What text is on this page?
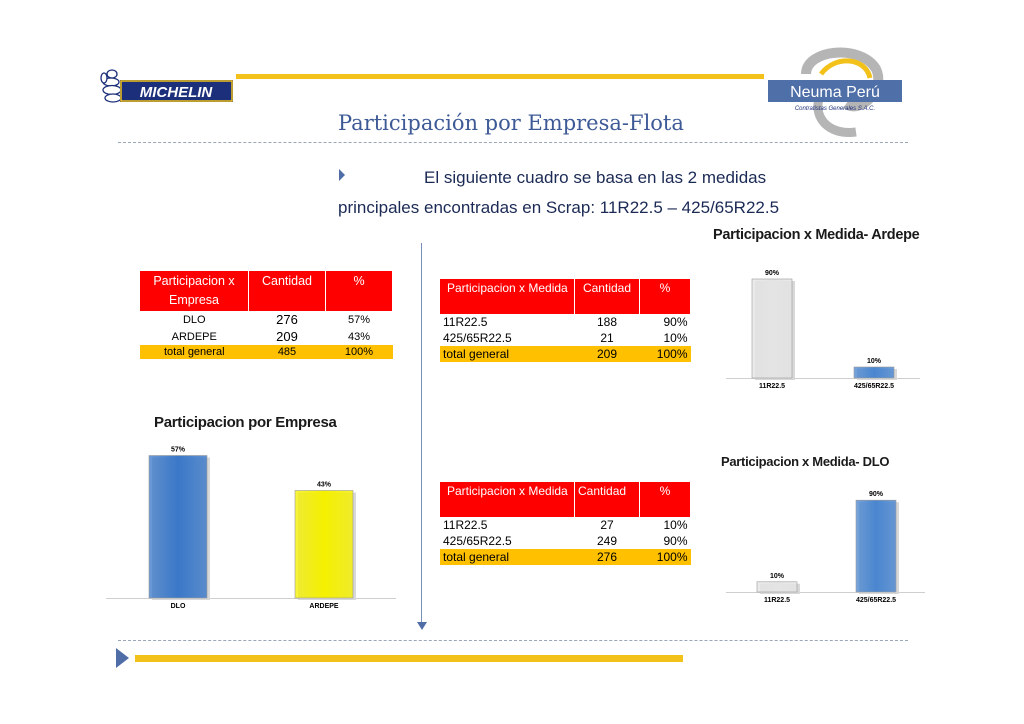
MICHELIN	Neuma Perú
Contratistas Generales S.A.C.
Participación por Empresa-Flota
El siguiente cuadro se basa en las 2 medidas
principales encontradas en Scrap: 11R22.5 – 425/65R22.5
Participacion x Empresa	Cantidad	%
DLO	276	57%
ARDEPE	209	43%
total general	485	100%
Participacion x Medida	Cantidad	%
11R22.5	188	90%
425/65R22.5	21	10%
total general	209	100%
Participacion x Medida	Cantidad	%
11R22.5	27	10%
425/65R22.5	249	90%
total general	276	100%
Participacion por Empresa
Participacion x Medida- Ardepe
Participacion x Medida- DLO
57%
DLO
43%
ARDEPE
90%
11R22.5
10%
425/65R22.5
10%
11R22.5
90%
425/65R22.5
